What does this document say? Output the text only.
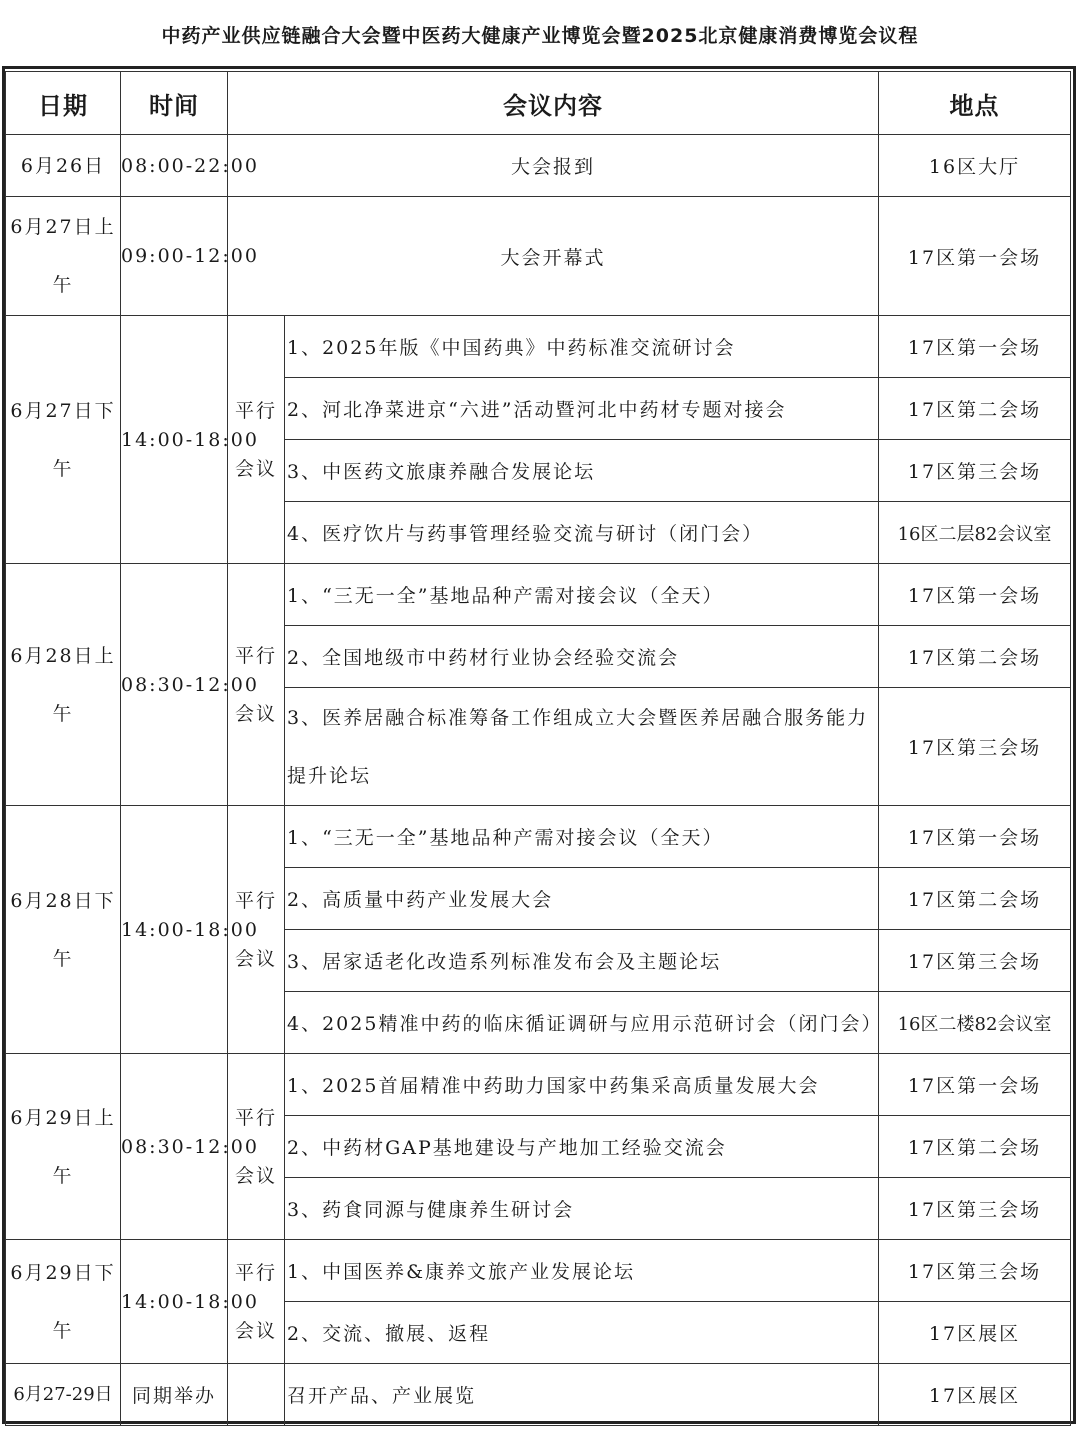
中药产业供应链融合大会暨中医药大健康产业博览会暨2025北京健康消费博览会议程
日期	时间	会议内容		地点
6月26日	08:00-22:00	大会报到		16区大厅
6月27日上午	09:00-12:00	大会开幕式		17区第一会场
6月27日下午	14:00-18:00	平行会议	1、2025年版《中国药典》中药标准交流研讨会	17区第一会场
			2、河北净菜进京“六进”活动暨河北中药材专题对接会	17区第二会场
			3、中医药文旅康养融合发展论坛	17区第三会场
			4、医疗饮片与药事管理经验交流与研讨（闭门会）	16区二层82会议室
6月28日上午	08:30-12:00	平行会议	1、“三无一全”基地品种产需对接会议（全天）	17区第一会场
			2、全国地级市中药材行业协会经验交流会	17区第二会场
			3、医养居融合标准筹备工作组成立大会暨医养居融合服务能力提升论坛	17区第三会场
6月28日下午	14:00-18:00	平行会议	1、“三无一全”基地品种产需对接会议（全天）	17区第一会场
			2、高质量中药产业发展大会	17区第二会场
			3、居家适老化改造系列标准发布会及主题论坛	17区第三会场
			4、2025精准中药的临床循证调研与应用示范研讨会（闭门会）	16区二楼82会议室
6月29日上午	08:30-12:00	平行会议	1、2025首届精准中药助力国家中药集采高质量发展大会	17区第一会场
			2、中药材GAP基地建设与产地加工经验交流会	17区第二会场
			3、药食同源与健康养生研讨会	17区第三会场
6月29日下午	14:00-18:00	平行会议	1、中国医养&康养文旅产业发展论坛	17区第三会场
			2、交流、撤展、返程	17区展区
6月27-29日	同期举办		召开产品、产业展览	17区展区
